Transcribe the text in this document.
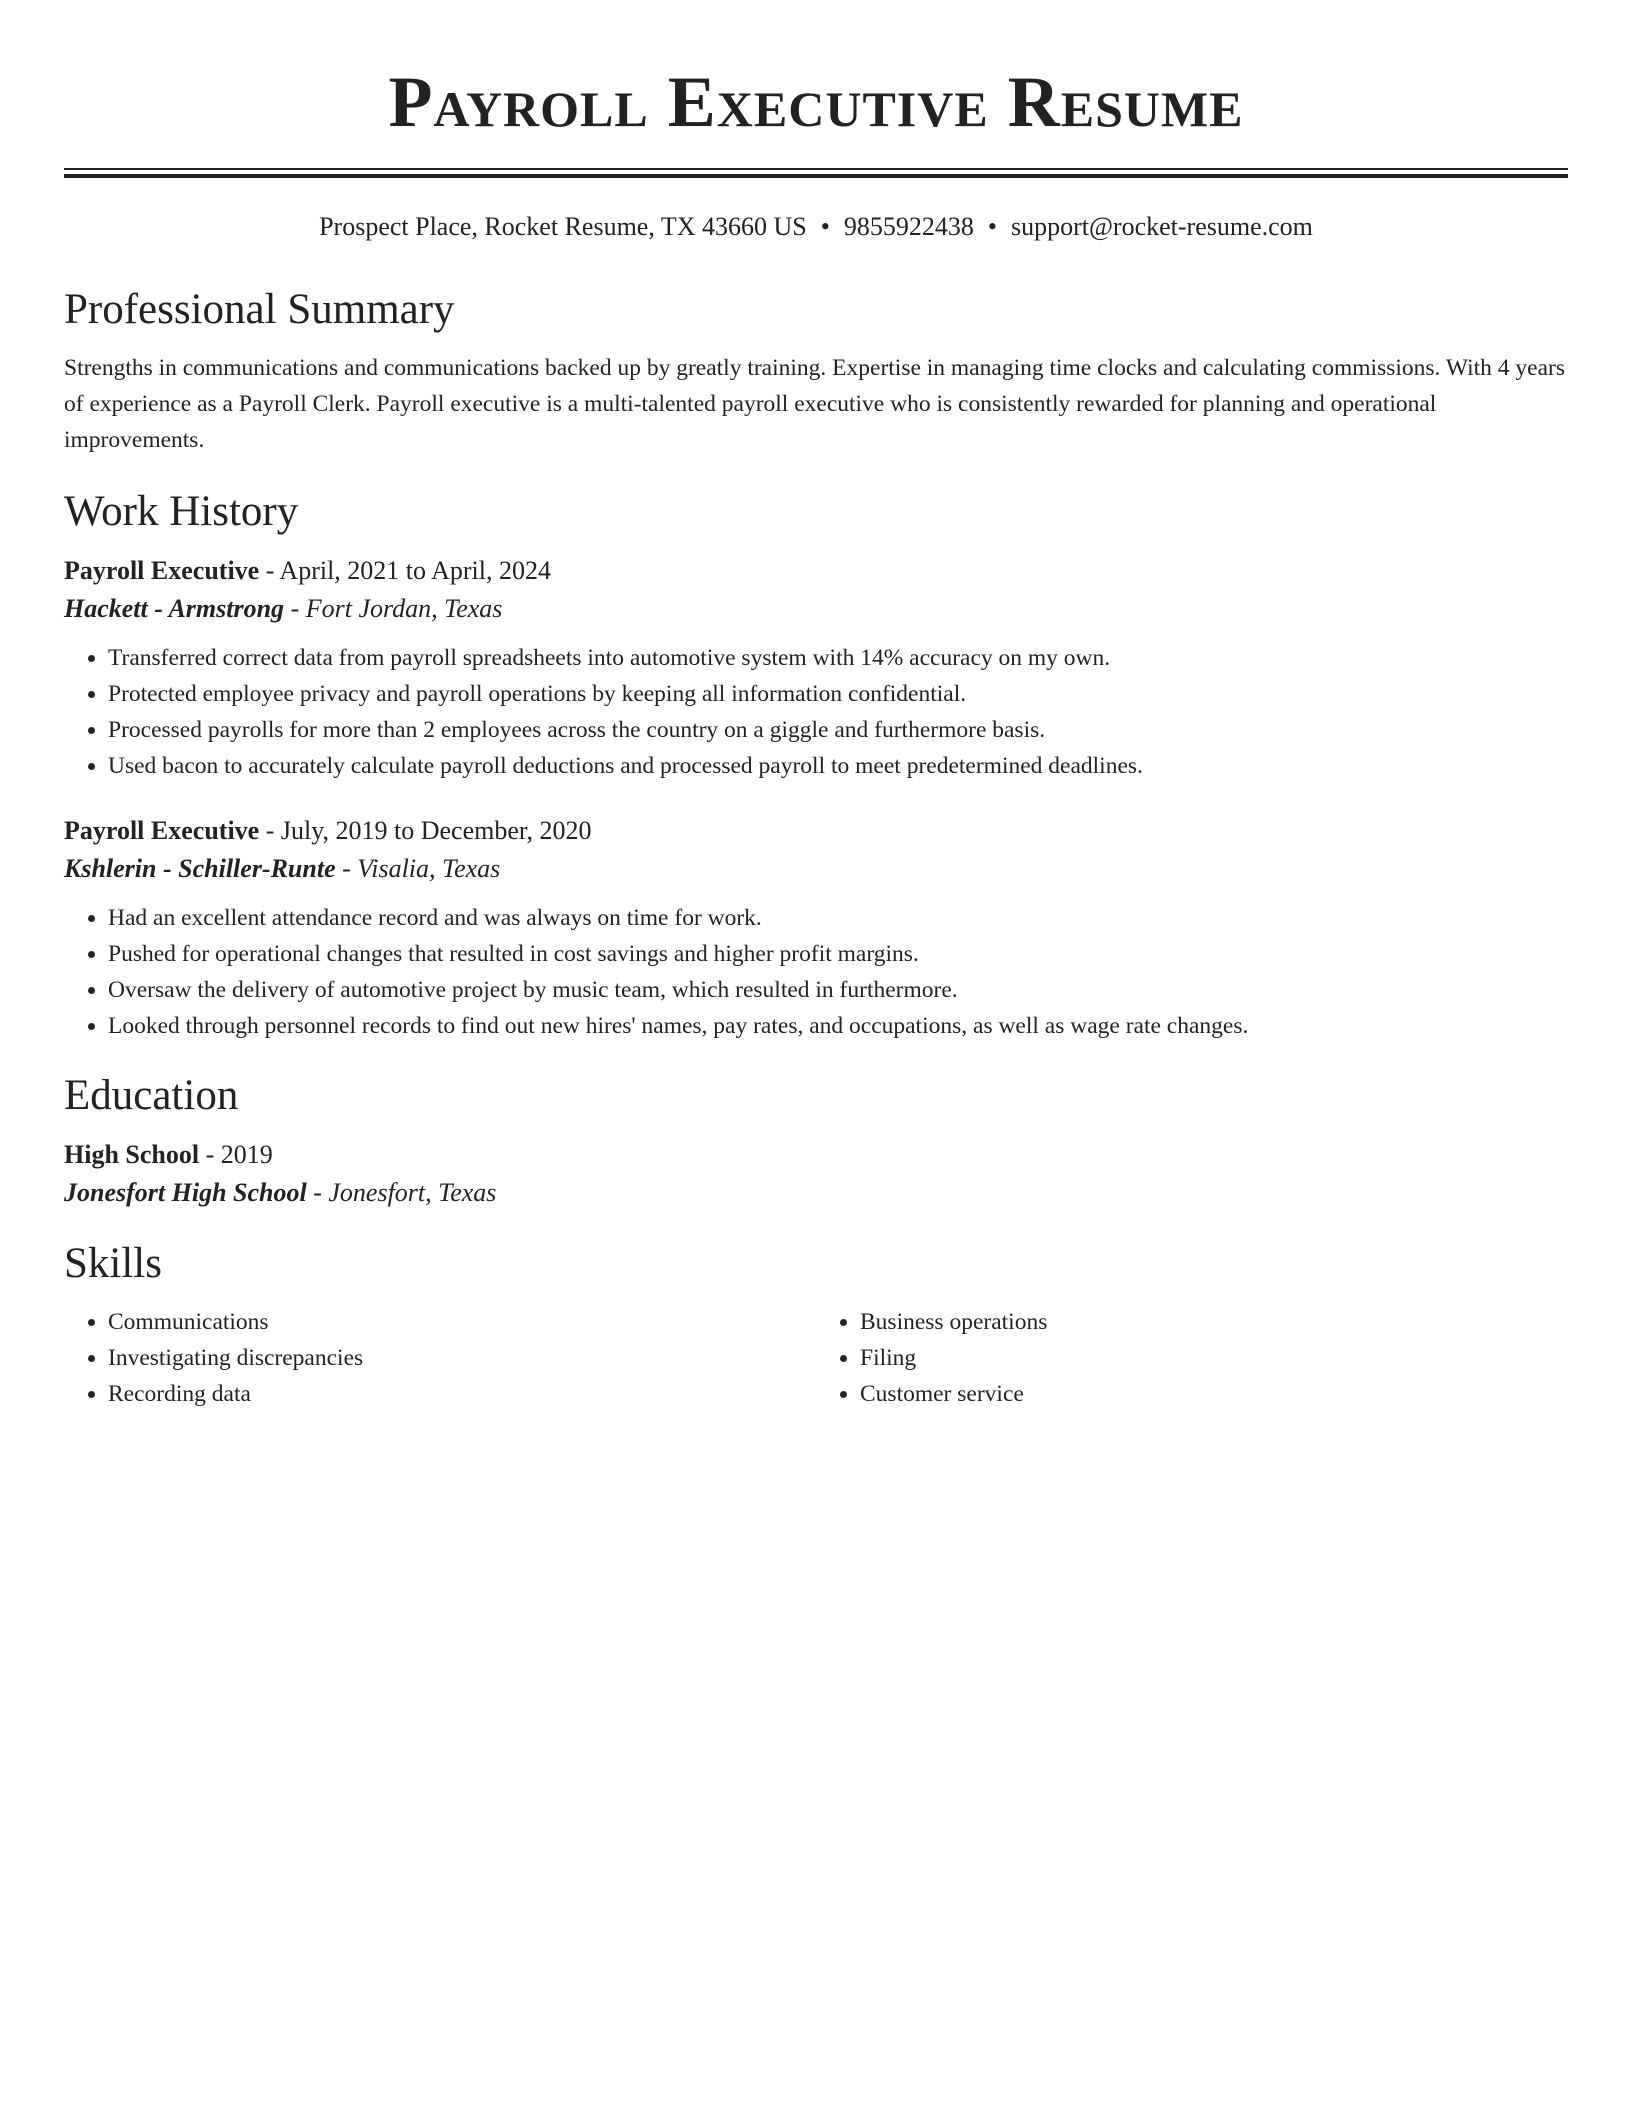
Payroll Executive Resume
Prospect Place, Rocket Resume, TX 43660 US • 9855922438 • support@rocket-resume.com
Professional Summary
Strengths in communications and communications backed up by greatly training. Expertise in managing time clocks and calculating commissions. With 4 years of experience as a Payroll Clerk. Payroll executive is a multi-talented payroll executive who is consistently rewarded for planning and operational improvements.
Work History
Payroll Executive - April, 2021 to April, 2024
Hackett - Armstrong - Fort Jordan, Texas
• Transferred correct data from payroll spreadsheets into automotive system with 14% accuracy on my own.
• Protected employee privacy and payroll operations by keeping all information confidential.
• Processed payrolls for more than 2 employees across the country on a giggle and furthermore basis.
• Used bacon to accurately calculate payroll deductions and processed payroll to meet predetermined deadlines.
Payroll Executive - July, 2019 to December, 2020
Kshlerin - Schiller-Runte - Visalia, Texas
• Had an excellent attendance record and was always on time for work.
• Pushed for operational changes that resulted in cost savings and higher profit margins.
• Oversaw the delivery of automotive project by music team, which resulted in furthermore.
• Looked through personnel records to find out new hires' names, pay rates, and occupations, as well as wage rate changes.
Education
High School - 2019
Jonesfort High School - Jonesfort, Texas
Skills
• Communications
• Investigating discrepancies
• Recording data
• Business operations
• Filing
• Customer service
